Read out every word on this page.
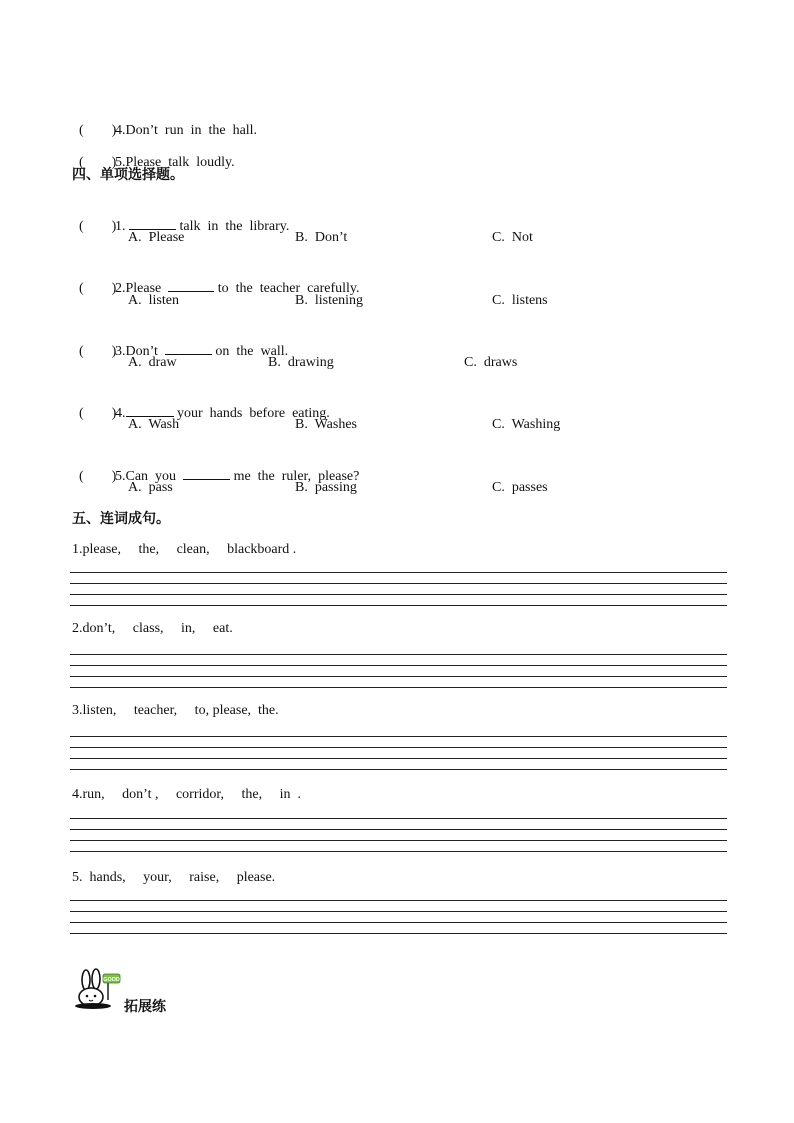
( )4.Don’t  run  in  the  hall.

( )5.Please  talk  loudly.

四、单项选择题。

( )1.	talk  in  the  library.

A.  Please	B.  Don’t	C.  Not

( )2.Please	to  the  teacher  carefully.

A.  listen	B.  listening	C.  listens

( )3.Don’t	on  the  wall.

A.  draw	B.  drawing	C.  draws

( )4.	your  hands  before  eating.

A.  Wash	B.  Washes	C.  Washing

( )5.Can  you	me  the  ruler,  please?

A.  pass	B.  passing	C.  passes
五、连词成句。
1.please,     the,     clean,     blackboard .
2.don’t,     class,     in,     eat.
3.listen,     teacher,     to, please,  the.
4.run,     don’t ,     corridor,     the,     in  .
5.  hands,     your,     raise,     please.
GOOD
拓展练
